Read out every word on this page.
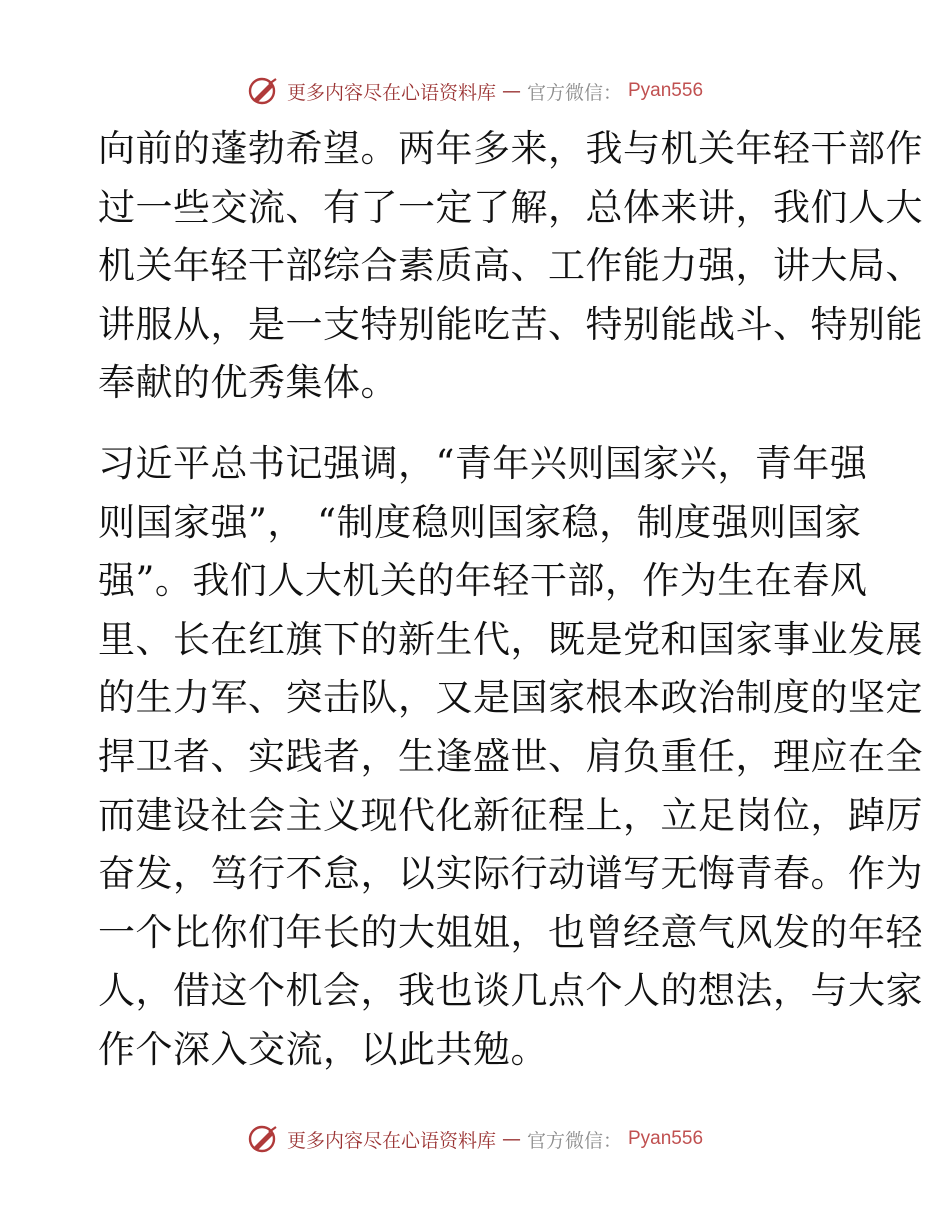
更多内容尽在心语资料库 — 官方微信： Pyan556

向前的蓬勃希望。两年多来，我与机关年轻干部作
过一些交流、有了一定了解，总体来讲，我们人大
机关年轻干部综合素质高、工作能力强，讲大局、
讲服从，是一支特别能吃苦、特别能战斗、特别能
奉献的优秀集体。

习近平总书记强调，“青年兴则国家兴，青年强
则国家强”， “制度稳则国家稳，制度强则国家
强”。我们人大机关的年轻干部，作为生在春风
里、长在红旗下的新生代，既是党和国家事业发展
的生力军、突击队，又是国家根本政治制度的坚定
捍卫者、实践者，生逢盛世、肩负重任，理应在全
而建设社会主义现代化新征程上，立足岗位，踔厉
奋发，笃行不怠，以实际行动谱写无悔青春。作为
一个比你们年长的大姐姐，也曾经意气风发的年轻
人，借这个机会，我也谈几点个人的想法，与大家
作个深入交流，以此共勉。

更多内容尽在心语资料库 — 官方微信： Pyan556
